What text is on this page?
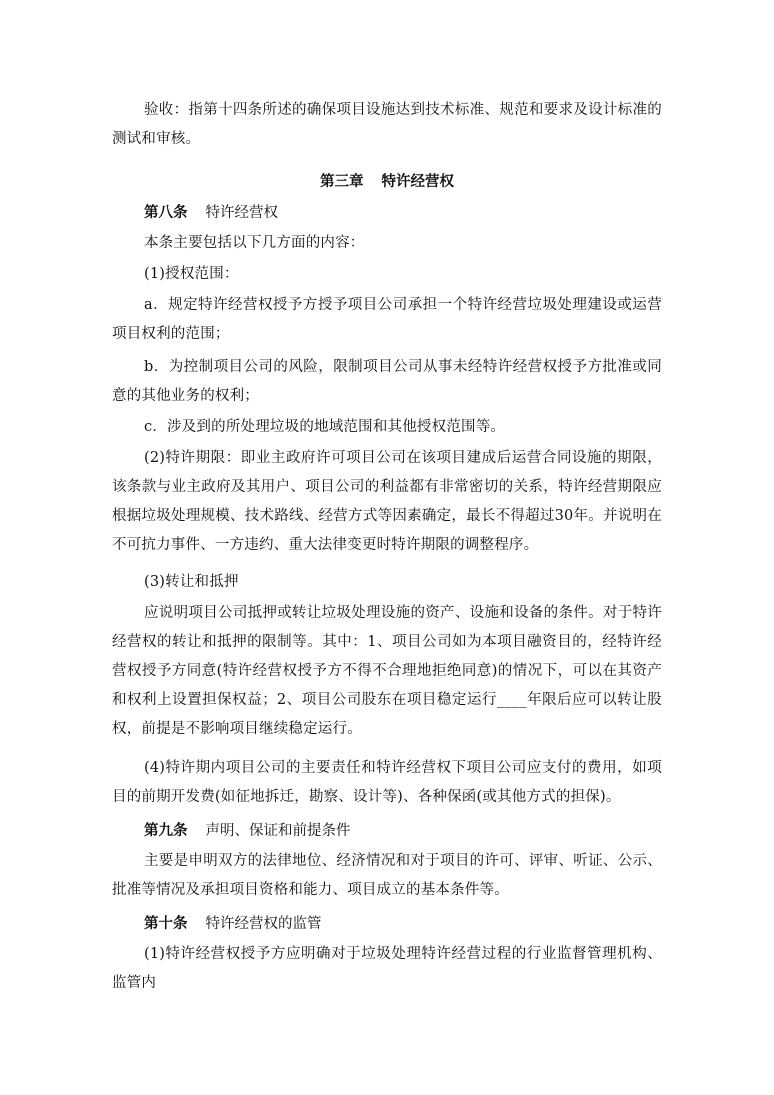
验收：指第十四条所述的确保项目设施达到技术标准、规范和要求及设计标准的测试和审核。

第三章 特许经营权

第八条 特许经营权

本条主要包括以下几方面的内容：

(1)授权范围：

a．规定特许经营权授予方授予项目公司承担一个特许经营垃圾处理建设或运营项目权利的范围；

b．为控制项目公司的风险，限制项目公司从事未经特许经营权授予方批准或同意的其他业务的权利；

c．涉及到的所处理垃圾的地域范围和其他授权范围等。

(2)特许期限：即业主政府许可项目公司在该项目建成后运营合同设施的期限，该条款与业主政府及其用户、项目公司的利益都有非常密切的关系，特许经营期限应根据垃圾处理规模、技术路线、经营方式等因素确定，最长不得超过30年。并说明在不可抗力事件、一方违约、重大法律变更时特许期限的调整程序。

(3)转让和抵押

应说明项目公司抵押或转让垃圾处理设施的资产、设施和设备的条件。对于特许经营权的转让和抵押的限制等。其中：1、项目公司如为本项目融资目的，经特许经营权授予方同意(特许经营权授予方不得不合理地拒绝同意)的情况下，可以在其资产和权利上设置担保权益；2、项目公司股东在项目稳定运行____年限后应可以转让股权，前提是不影响项目继续稳定运行。

(4)特许期内项目公司的主要责任和特许经营权下项目公司应支付的费用，如项目的前期开发费(如征地拆迁，勘察、设计等)、各种保函(或其他方式的担保)。

第九条 声明、保证和前提条件

主要是申明双方的法律地位、经济情况和对于项目的许可、评审、听证、公示、批准等情况及承担项目资格和能力、项目成立的基本条件等。

第十条 特许经营权的监管

(1)特许经营权授予方应明确对于垃圾处理特许经营过程的行业监督管理机构、监管内
